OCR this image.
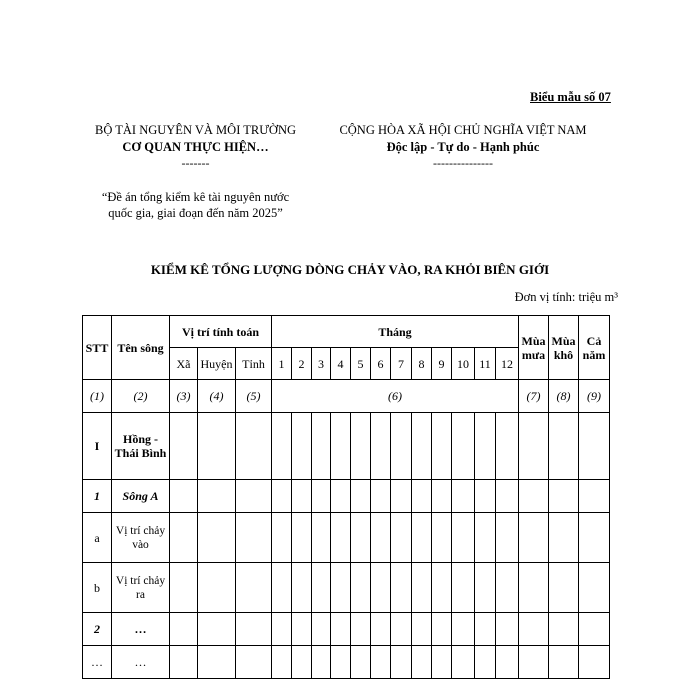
Biểu mẫu số 07
BỘ TÀI NGUYÊN VÀ MÔI TRƯỜNG
CƠ QUAN THỰC HIỆN…
-------
CỘNG HÒA XÃ HỘI CHỦ NGHĨA VIỆT NAM
Độc lập - Tự do - Hạnh phúc
---------------
“Đề án tổng kiểm kê tài nguyên nước
quốc gia, giai đoạn đến năm 2025”
KIỂM KÊ TỔNG LƯỢNG DÒNG CHẢY VÀO, RA KHỎI BIÊN GIỚI
Đơn vị tính: triệu m³
STT	Tên sông	Vị trí tính toán			Tháng												Mùa mưa	Mùa khô	Cả năm
		Xã	Huyện	Tỉnh	1	2	3	4	5	6	7	8	9	10	11	12			
(1)	(2)	(3)	(4)	(5)	(6)												(7)	(8)	(9)
I	Hồng - Thái Bình																		
1	Sông A																		
a	Vị trí chảy vào																		
b	Vị trí chảy ra																		
2	…																		
…	…																		
